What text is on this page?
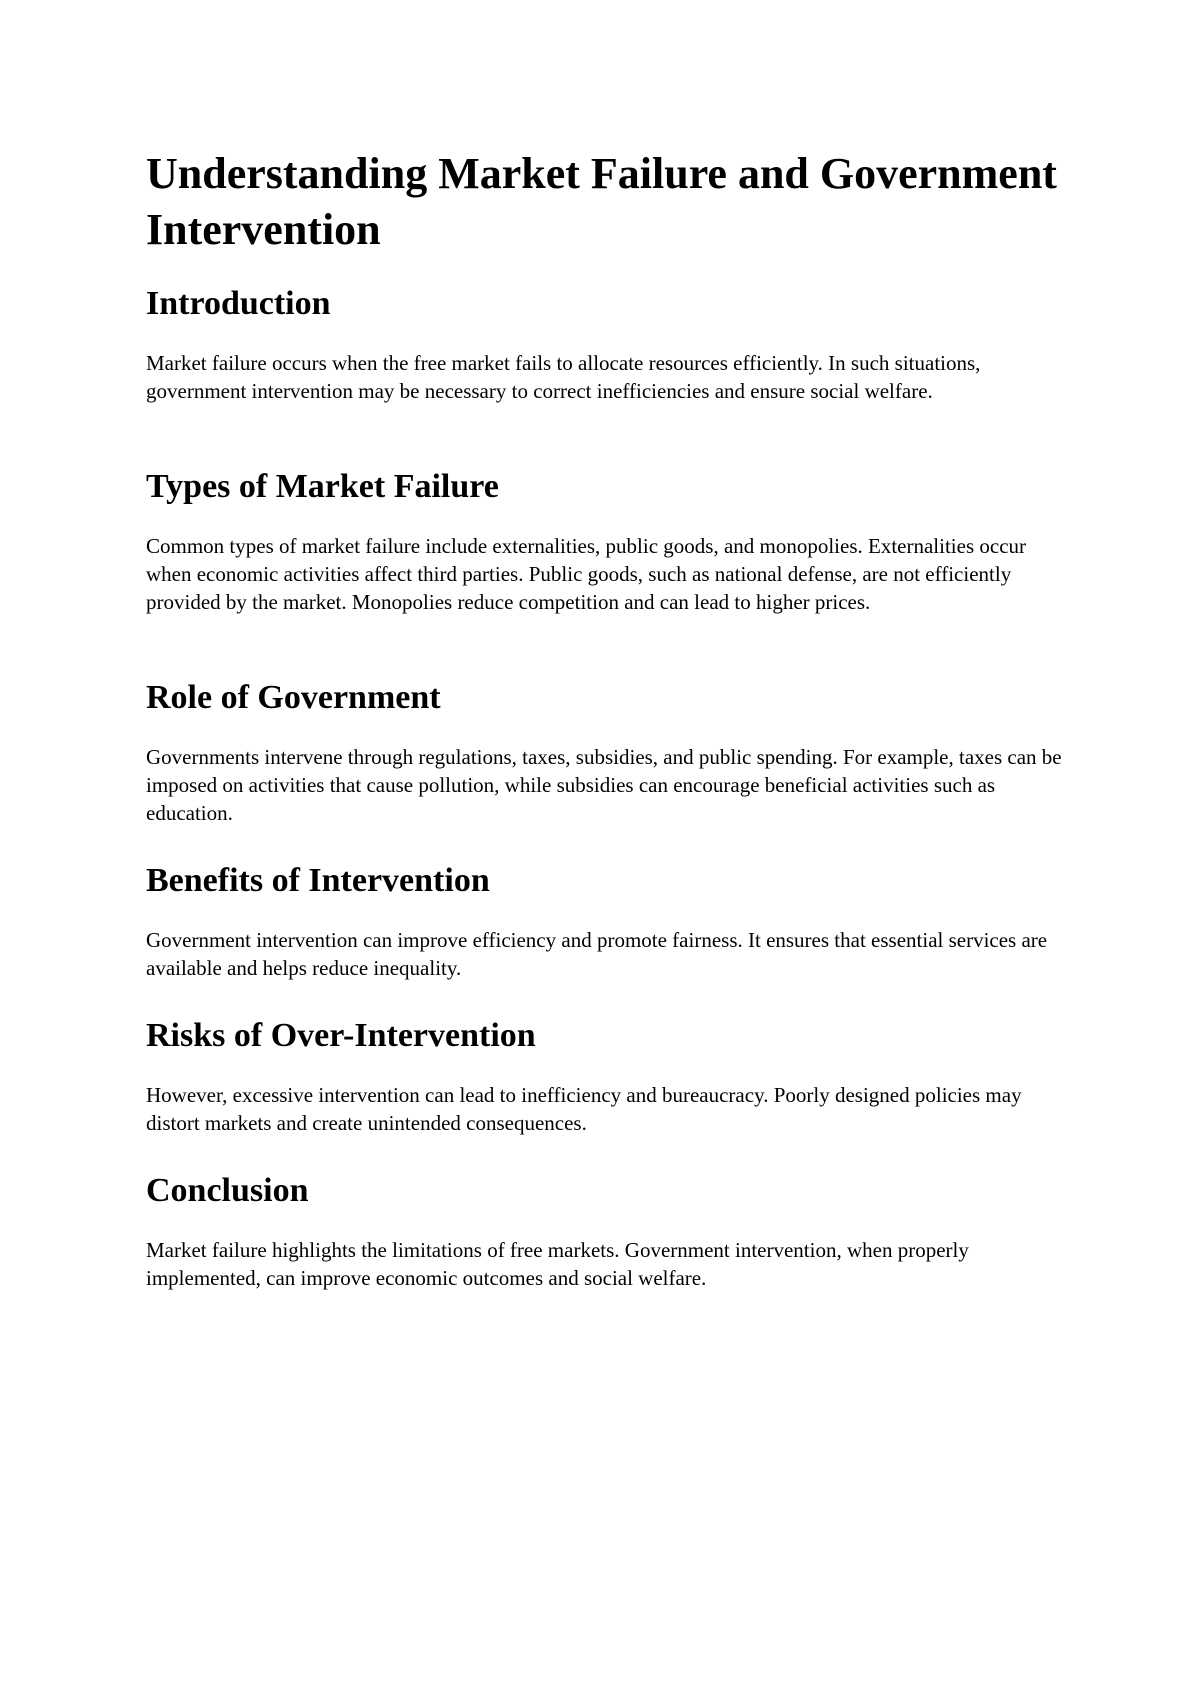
Understanding Market Failure and Government Intervention
Introduction

Market failure occurs when the free market fails to allocate resources efficiently. In such situations, government intervention may be necessary to correct inefficiencies and ensure social welfare.

Types of Market Failure

Common types of market failure include externalities, public goods, and monopolies. Externalities occur when economic activities affect third parties. Public goods, such as national defense, are not efficiently provided by the market. Monopolies reduce competition and can lead to higher prices.

Role of Government

Governments intervene through regulations, taxes, subsidies, and public spending. For example, taxes can be imposed on activities that cause pollution, while subsidies can encourage beneficial activities such as education.

Benefits of Intervention

Government intervention can improve efficiency and promote fairness. It ensures that essential services are available and helps reduce inequality.

Risks of Over-Intervention

However, excessive intervention can lead to inefficiency and bureaucracy. Poorly designed policies may distort markets and create unintended consequences.

Conclusion

Market failure highlights the limitations of free markets. Government intervention, when properly implemented, can improve economic outcomes and social welfare.
